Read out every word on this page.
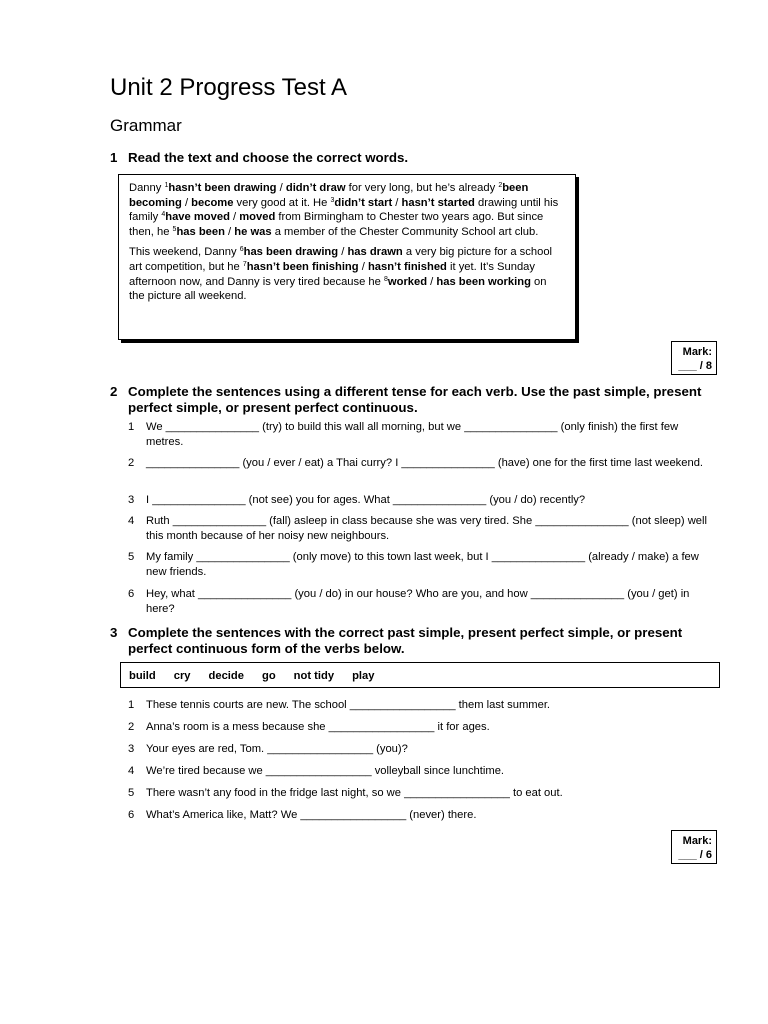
Unit 2 Progress Test A
Grammar
1 Read the text and choose the correct words.

Danny $^1$hasn’t been drawing / didn’t draw for very long, but he’s already $^2$been becoming / become very good at it. He $^3$didn’t start / hasn’t started drawing until his family $^4$have moved / moved from Birmingham to Chester two years ago. But since then, he $^5$has been / he was a member of the Chester Community School art club.

This weekend, Danny $^6$has been drawing / has drawn a very big picture for a school art competition, but he $^7$hasn’t been finishing / hasn’t finished it yet. It’s Sunday afternoon now, and Danny is very tired because he $^8$worked / has been working on the picture all weekend.

Mark:
___ / 8
2 Complete the sentences using a different tense for each verb. Use the past simple, present perfect simple, or present perfect continuous.
1 We _______________ (try) to build this wall all morning, but we _______________ (only finish) the first few metres.
2 _______________ (you / ever / eat) a Thai curry? I _______________ (have) one for the first time last weekend.
3 I _______________ (not see) you for ages. What _______________ (you / do) recently?
4 Ruth _______________ (fall) asleep in class because she was very tired. She _______________ (not sleep) well this month because of her noisy new neighbours.
5 My family _______________ (only move) to this town last week, but I _______________ (already / make) a few new friends.
6 Hey, what _______________ (you / do) in our house? Who are you, and how _______________ (you / get) in here?
3 Complete the sentences with the correct past simple, present perfect simple, or present perfect continuous form of the verbs below.
build cry decide go not tidy play
1 These tennis courts are new. The school _________________ them last summer.
2 Anna’s room is a mess because she _________________ it for ages.
3 Your eyes are red, Tom. _________________ (you)?
4 We’re tired because we _________________ volleyball since lunchtime.
5 There wasn’t any food in the fridge last night, so we _________________ to eat out.
6 What’s America like, Matt? We _________________ (never) there.
Mark:
___ / 6
